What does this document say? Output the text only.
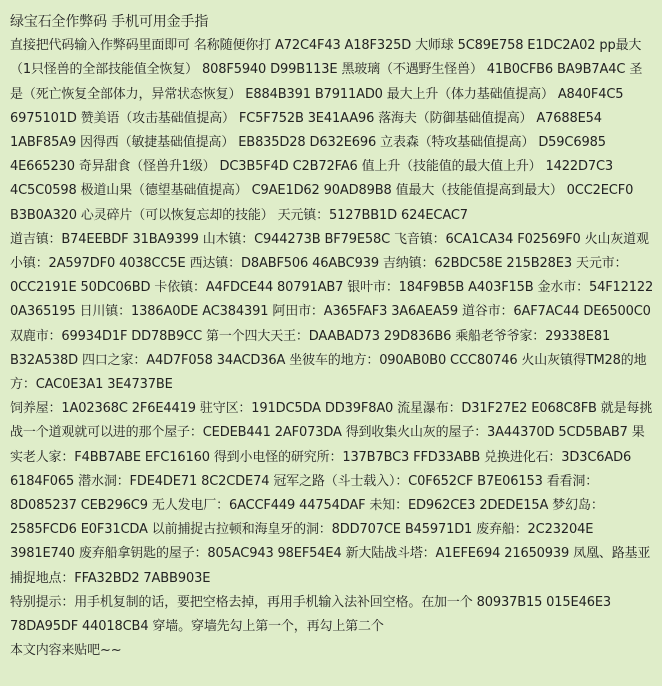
绿宝石全作弊码 手机可用金手指

直接把代码输入作弊码里面即可 名称随便你打 A72C4F43 A18F325D 大师球 5C89E758 E1DC2A02 pp最大（1只怪兽的全部技能值全恢复） 808F5940 D99B113E 黑玻璃（不遇野生怪兽） 41B0CFB6 BA9B7A4C 圣是（死亡恢复全部体力，异常状态恢复） E884B391 B7911AD0 最大上升（体力基础值提高） A840F4C5 6975101D 赞美语（攻击基础值提高） FC5F752B 3E41AA96 落海夫（防御基础值提高） A7688E54 1ABF85A9 因得西（敏捷基础值提高） EB835D28 D632E696 立表森（特攻基础值提高） D59C6985 4E665230 奇异甜食（怪兽升1级） DC3B5F4D C2B72FA6 值上升（技能值的最大值上升） 1422D7C3 4C5C0598 极道山果（德望基础值提高） C9AE1D62 90AD89B8 值最大（技能值提高到最大） 0CC2ECF0 B3B0A320 心灵碎片（可以恢复忘却的技能） 天元镇：5127BB1D 624ECAC7

道吉镇：B74EEBDF 31BA9399 山木镇：C944273B BF79E58C 飞音镇：6CA1CA34 F02569F0 火山灰道观小镇：2A597DF0 4038CC5E 西达镇：D8ABF506 46ABC939 吉纳镇：62BDC58E 215B28E3 天元市：0CC2191E 50DC06BD 卡依镇：A4FDCE44 80791AB7 银叶市：184F9B5B A403F15B 金水市：54F12122 0A365195 日川镇：1386A0DE AC384391 阿田市：A365FAF3 3A6AEA59 道谷市：6AF7AC44 DE6500C0 双鹿市：69934D1F DD78B9CC 第一个四大天王：DAABAD73 29D836B6 乘船老爷爷家：29338E81 B32A538D 四口之家：A4D7F058 34ACD36A 坐彼车的地方：090AB0B0 CCC80746 火山灰镇得TM28的地方：CAC0E3A1 3E4737BE

饲养屋：1A02368C 2F6E4419 驻守区：191DC5DA DD39F8A0 流星瀑布：D31F27E2 E068C8FB 就是每挑战一个道观就可以进的那个屋子：CEDEB441 2AF073DA 得到收集火山灰的屋子：3A44370D 5CD5BAB7 果实老人家：F4BB7ABE EFC16160 得到小电怪的研究所：137B7BC3 FFD33ABB 兑换进化石：3D3C6AD6 6184F065 潜水洞：FDE4DE71 8C2CDE74 冠军之路（斗士载入）：C0F652CF B7E06153 看看洞：8D085237 CEB296C9 无人发电厂：6ACCF449 44754DAF 未知：ED962CE3 2DEDE15A 梦幻岛：2585FCD6 E0F31CDA 以前捕捉古拉顿和海皇牙的洞：8DD707CE B45971D1 废弃船：2C23204E 3981E740 废弃船拿钥匙的屋子：805AC943 98EF54E4 新大陆战斗塔：A1EFE694 21650939 凤凰、路基亚捕捉地点：FFA32BD2 7ABB903E

特别提示：用手机复制的话，要把空格去掉，再用手机输入法补回空格。在加一个 80937B15 015E46E3 78DA95DF 44018CB4 穿墙。穿墙先勾上第一个，再勾上第二个

本文内容来贴吧~~
